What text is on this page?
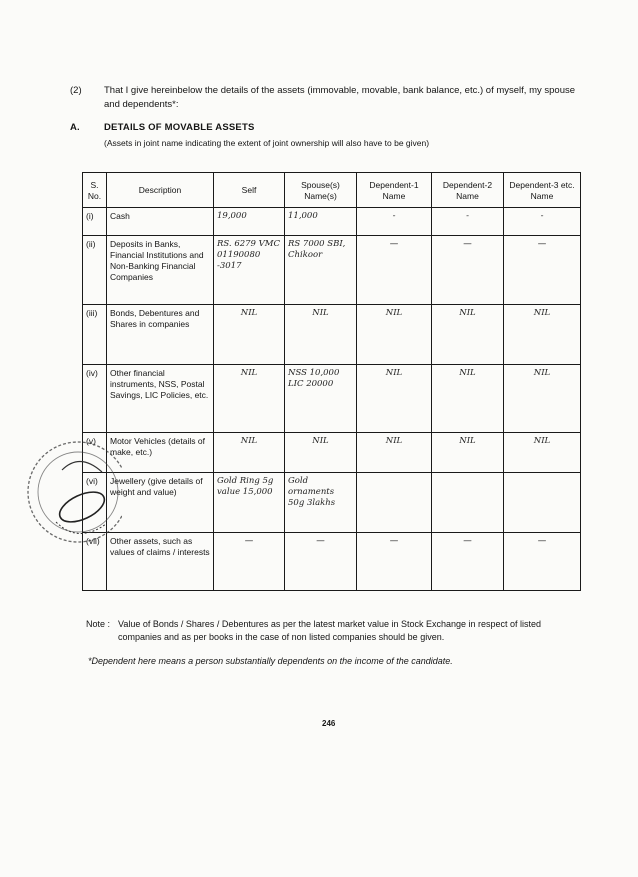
(2) That I give hereinbelow the details of the assets (immovable, movable, bank balance, etc.) of myself, my spouse and dependents*:
A.	DETAILS OF MOVABLE ASSETS
(Assets in joint name indicating the extent of joint ownership will also have to be given)
S. No.	Description	Self	Spouse(s) Name(s)	Dependent-1 Name	Dependent-2 Name	Dependent-3 etc. Name
(i)	Cash	19,000	11,000	-	-	-
(ii)	Deposits in Banks, Financial Institutions and Non-Banking Financial Companies	RS. 6279 VMC 01190080 -3017	RS 7000 SBI, Chikoor	—	—	—
(iii)	Bonds, Debentures and Shares in companies	NIL	NIL	NIL	NIL	NIL
(iv)	Other financial instruments, NSS, Postal Savings, LIC Policies, etc.	NIL	NSS 10,000 LIC 20000	NIL	NIL	NIL
(v)	Motor Vehicles (details of make, etc.)	NIL	NIL	NIL	NIL	NIL
(vi)	Jewellery (give details of weight and value)	Gold Ring 5g value 15,000	Gold ornaments 50g 3lakhs			
(vii)	Other assets, such as values of claims / interests	—	—	—	—	—
Note : Value of Bonds / Shares / Debentures as per the latest market value in Stock Exchange in respect of listed companies and as per books in the case of non listed companies should be given.
*Dependent here means a person substantially dependents on the income of the candidate.
246
